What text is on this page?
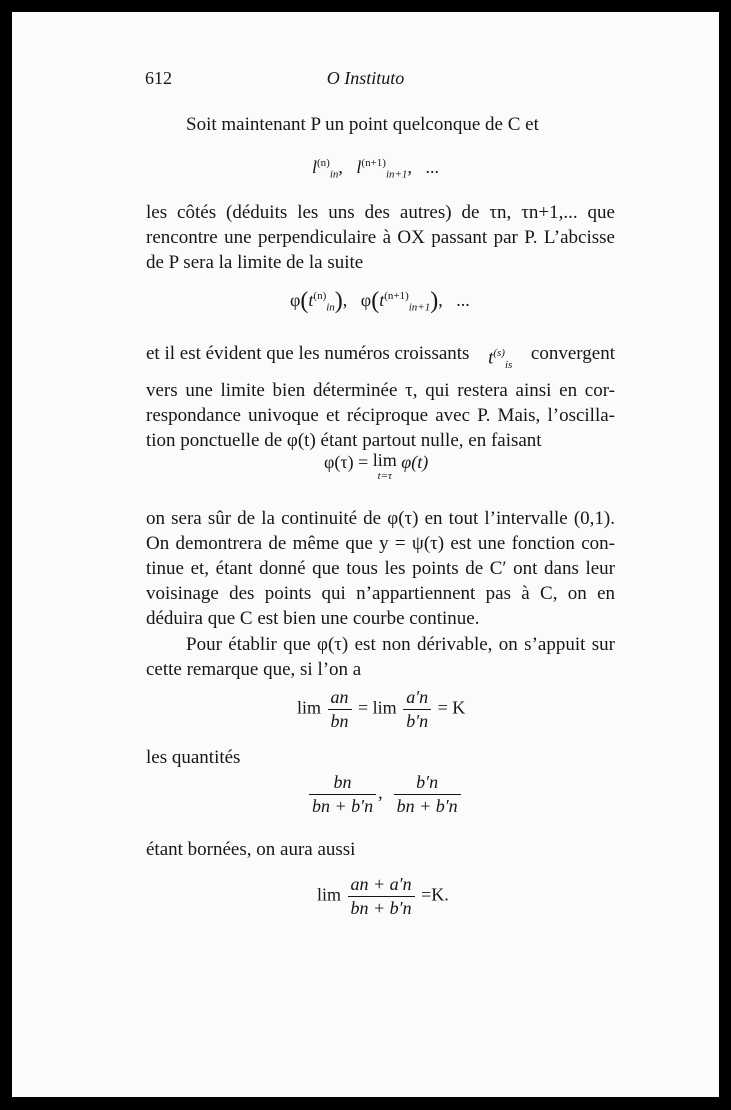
612	O Instituto

Soit maintenant P un point quelconque de C et

$l^{(n)}_{in}$,   $l^{(n+1)}_{in+1}$,   ...
les côtés (déduits les uns des autres) de τn, τn+1,... que
rencontre une perpendiculaire à OX passant par P. L’abcisse
de P sera la limite de la suite
$\varphi(t^{(n)}_{in})$,   $\varphi(t^{(n+1)}_{in+1})$,   ...
et il est évident que les numéros croissants $t^{(s)}_{is}$
convergent
vers une limite bien déterminée τ, qui restera ainsi en cor-
respondance univoque et réciproque avec P. Mais, l’oscilla-
tion ponctuelle de φ(t) étant partout nulle, en faisant
φ(τ) = lim
t=τ
φ(t)
on sera sûr de la continuité de φ(τ) en tout l’intervalle (0,1).
On demontrera de même que y = ψ(τ) est une fonction con-
tinue et, étant donné que tous les points de C′ ont dans leur
voisinage des points qui n’appartiennent pas à C, on en
déduira que C est bien une courbe continue.
Pour établir que φ(τ) est non dérivable, on s’appuit sur
cette remarque que, si l’on a
$\lim \frac{an}{bn} = \lim \frac{a'n}{b'n} = K$

les quantités

$\frac{bn}{bn + b'n}$ , $\frac{b'n}{bn + b'n}$

étant bornées, on aura aussi

$\lim \frac{an + a'n}{bn + b'n} =K$.
